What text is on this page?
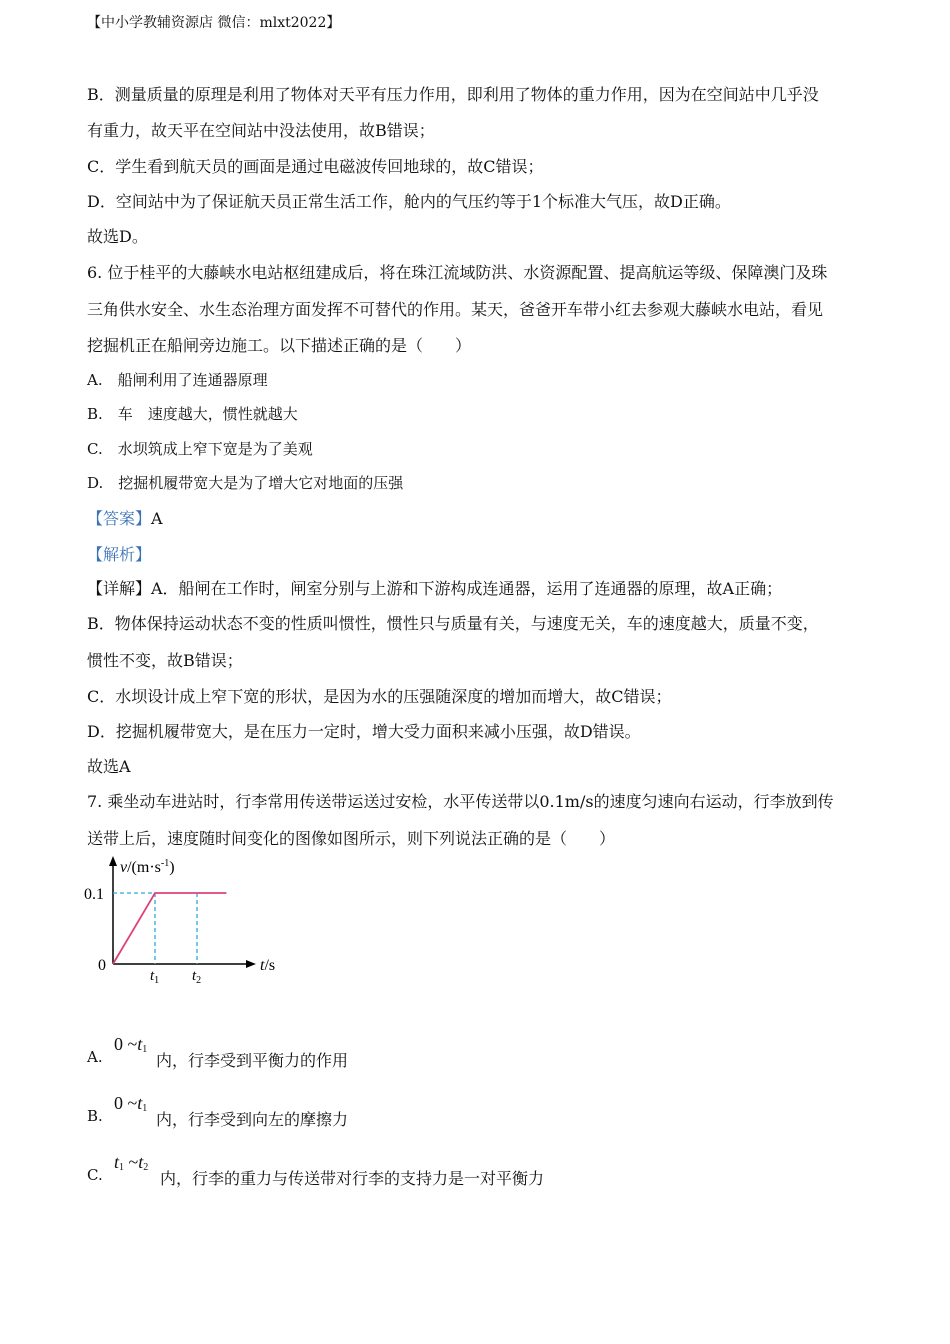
【中小学教辅资源店 微信：mlxt2022】
B．测量质量的原理是利用了物体对天平有压力作用，即利用了物体的重力作用，因为在空间站中几乎没
有重力，故天平在空间站中没法使用，故B错误；
C．学生看到航天员的画面是通过电磁波传回地球的，故C错误；
D．空间站中为了保证航天员正常生活工作，舱内的气压约等于1个标准大气压，故D正确。
故选D。
6. 位于桂平的大藤峡水电站枢纽建成后，将在珠江流域防洪、水资源配置、提高航运等级、保障澳门及珠
三角供水安全、水生态治理方面发挥不可替代的作用。某天，爸爸开车带小红去参观大藤峡水电站，看见
挖掘机正在船闸旁边施工。以下描述正确的是（　　）
A.　船闸利用了连通器原理
B.　车　速度越大，惯性就越大
C.　水坝筑成上窄下宽是为了美观
D.　挖掘机履带宽大是为了增大它对地面的压强
【答案】A
【解析】
【详解】A．船闸在工作时，闸室分别与上游和下游构成连通器，运用了连通器的原理，故A正确；
B．物体保持运动状态不变的性质叫惯性，惯性只与质量有关，与速度无关，车的速度越大，质量不变，
惯性不变，故B错误；
C．水坝设计成上窄下宽的形状，是因为水的压强随深度的增加而增大，故C错误；
D．挖掘机履带宽大，是在压力一定时，增大受力面积来减小压强，故D错误。
故选A
7. 乘坐动车进站时，行李常用传送带运送过安检，水平传送带以0.1m/s的速度匀速向右运动，行李放到传
送带上后，速度随时间变化的图像如图所示，则下列说法正确的是（　　）
$v/(m\cdot s^{-1})$
0.1
0
$t_1$ $t_2$
t/s
A.
0 $\sim t_1$
内，行李受到平衡力的作用
B.
0 $\sim t_1$
内，行李受到向左的摩擦力
C.
$t_1$ $\sim t_2$
内，行李的重力与传送带对行李的支持力是一对平衡力
